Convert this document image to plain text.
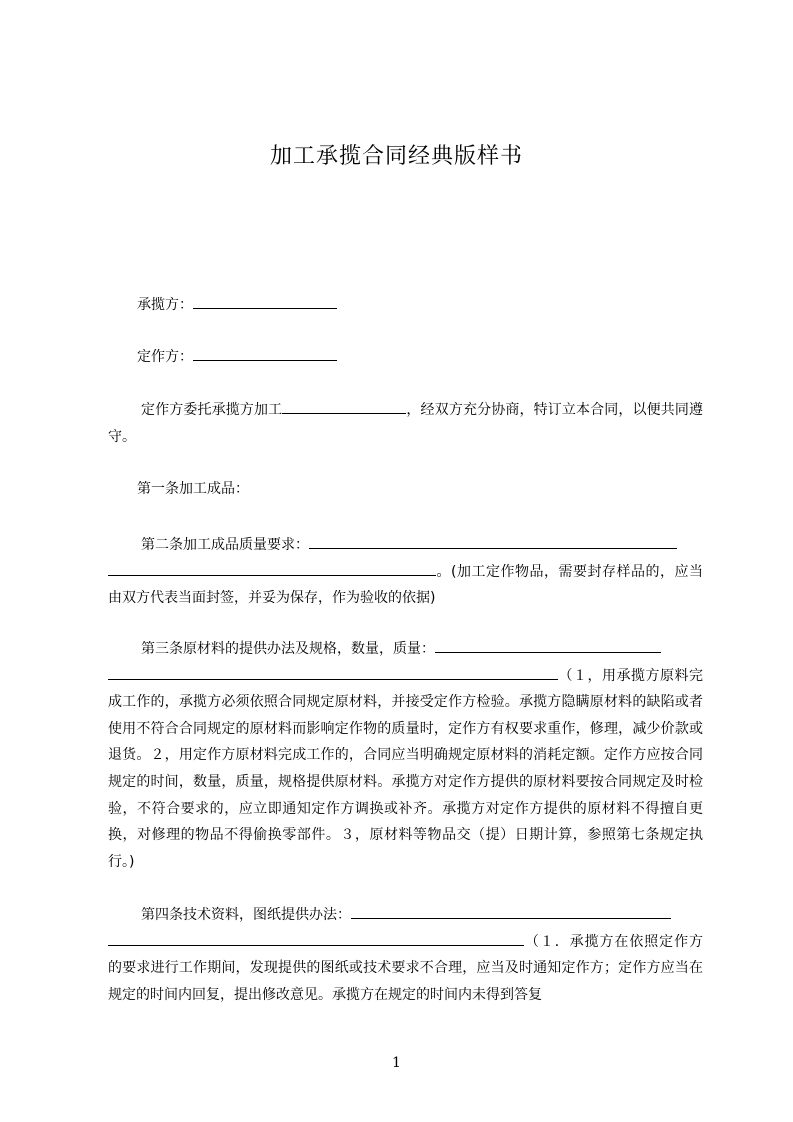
加工承揽合同经典版样书
承揽方：
定作方：
定作方委托承揽方加工	，经双方充分协商，特订立本合同，以便共同遵守。
第一条加工成品：
第二条加工成品质量要求：
。(加工定作物品，需要封存样品的，应当由双方代表当面封签，并妥为保存，作为验收的依据)
第三条原材料的提供办法及规格，数量，质量：
（１，用承揽方原料完成工作的，承揽方必须依照合同规定原材料，并接受定作方检验。承揽方隐瞒原材料的缺陷或者使用不符合合同规定的原材料而影响定作物的质量时，定作方有权要求重作，修理，减少价款或退货。２，用定作方原材料完成工作的，合同应当明确规定原材料的消耗定额。定作方应按合同规定的时间，数量，质量，规格提供原材料。承揽方对定作方提供的原材料要按合同规定及时检验，不符合要求的，应立即通知定作方调换或补齐。承揽方对定作方提供的原材料不得擅自更换，对修理的物品不得偷换零部件。３，原材料等物品交（提）日期计算，参照第七条规定执行。)
第四条技术资料，图纸提供办法：
（１．承揽方在依照定作方的要求进行工作期间，发现提供的图纸或技术要求不合理，应当及时通知定作方；定作方应当在规定的时间内回复，提出修改意见。承揽方在规定的时间内未得到答复
1
